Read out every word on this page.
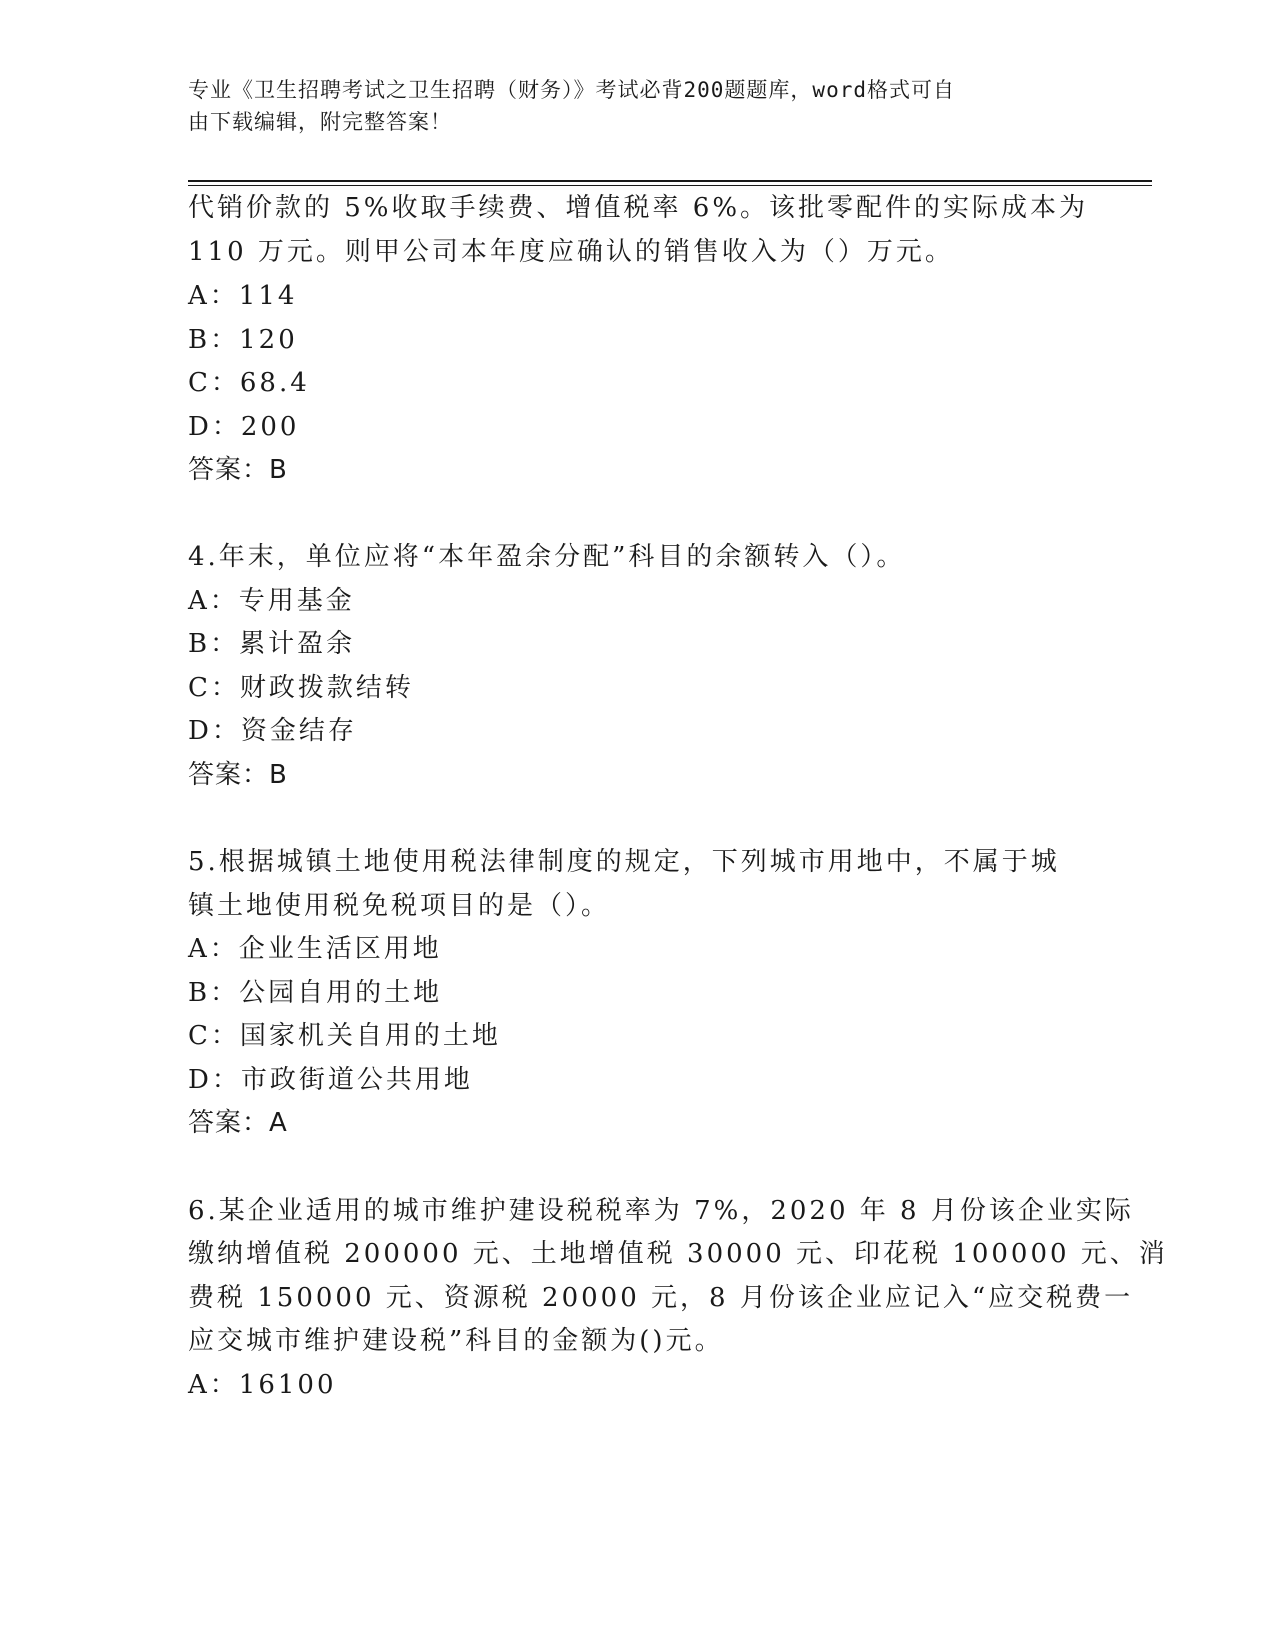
专业《卫生招聘考试之卫生招聘（财务）》考试必背200题题库，word格式可自
由下载编辑，附完整答案！
代销价款的 5%收取手续费、增值税率 6%。该批零配件的实际成本为
110 万元。则甲公司本年度应确认的销售收入为（）万元。
A：114
B：120
C：68.4
D：200
答案：B
4.年末，单位应将“本年盈余分配”科目的余额转入（）。
A：专用基金
B：累计盈余
C：财政拨款结转
D：资金结存
答案：B
5.根据城镇土地使用税法律制度的规定，下列城市用地中，不属于城
镇土地使用税免税项目的是（）。
A：企业生活区用地
B：公园自用的土地
C：国家机关自用的土地
D：市政街道公共用地
答案：A
6.某企业适用的城市维护建设税税率为 7%，2020 年 8 月份该企业实际
缴纳增值税 200000 元、土地增值税 30000 元、印花税 100000 元、消
费税 150000 元、资源税 20000 元，8 月份该企业应记入“应交税费一
应交城市维护建设税”科目的金额为()元。
A：16100
